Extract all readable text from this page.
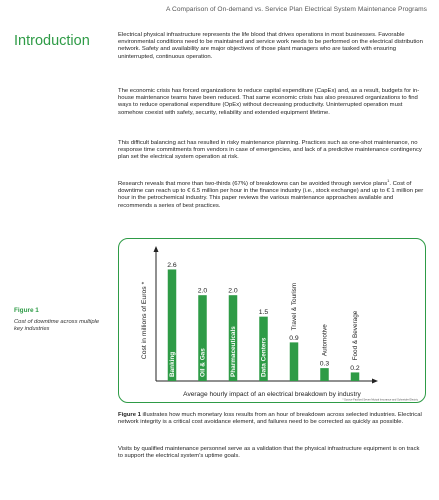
A Comparison of On-demand vs. Service Plan Electrical System Maintenance Programs
Introduction	Electrical physical infrastructure represents the life blood that drives operations in most businesses. Favorable environmental conditions need to be maintained and service work needs to be performed on the electrical distribution network. Safety and availability are major objectives of those plant managers who are tasked with ensuring uninterrupted, continuous operation.

The economic crisis has forced organizations to reduce capital expenditure (CapEx) and, as a result, budgets for in-house maintenance teams have been reduced. That same economic crisis has also pressured organizations to find ways to reduce operational expenditure (OpEx) without decreasing productivity. Uninterrupted operation must somehow coexist with safety, security, reliability and extended equipment lifetime.

This difficult balancing act has resulted in risky maintenance planning. Practices such as one-shot maintenance, no response time commitments from vendors in case of emergencies, and lack of a predictive maintenance contingency plan set the electrical system operation at risk.

Research reveals that more than two-thirds (67%) of breakdowns can be avoided through service plans$^1$. Cost of downtime can reach up to € 6.5 million per hour in the finance industry (i.e., stock exchange) and up to € 1 million per hour in the petrochemical industry. This paper reviews the various maintenance approaches available and recommends a series of best practices.

Figure 1
Cost of downtime across multiple key industries	Cost in millions of Euros *
2.6
Banking
2.0
Oil & Gas
2.0
Pharmaceuticals
1.5
Data Centers	0.9
Travel & Tourism
0.3
Automotive
0.2
Food & Beverage
Average hourly impact of an electrical breakdown by industry
* Source Factford Seven Mutual Insurance and Schneider Electric

Figure 1 illustrates how much monetary loss results from an hour of breakdown across selected industries. Electrical network integrity is a critical cost avoidance element, and failures need to be corrected as quickly as possible.

Visits by qualified maintenance personnel serve as a validation that the physical infrastructure equipment is on track to support the electrical system's uptime goals.
